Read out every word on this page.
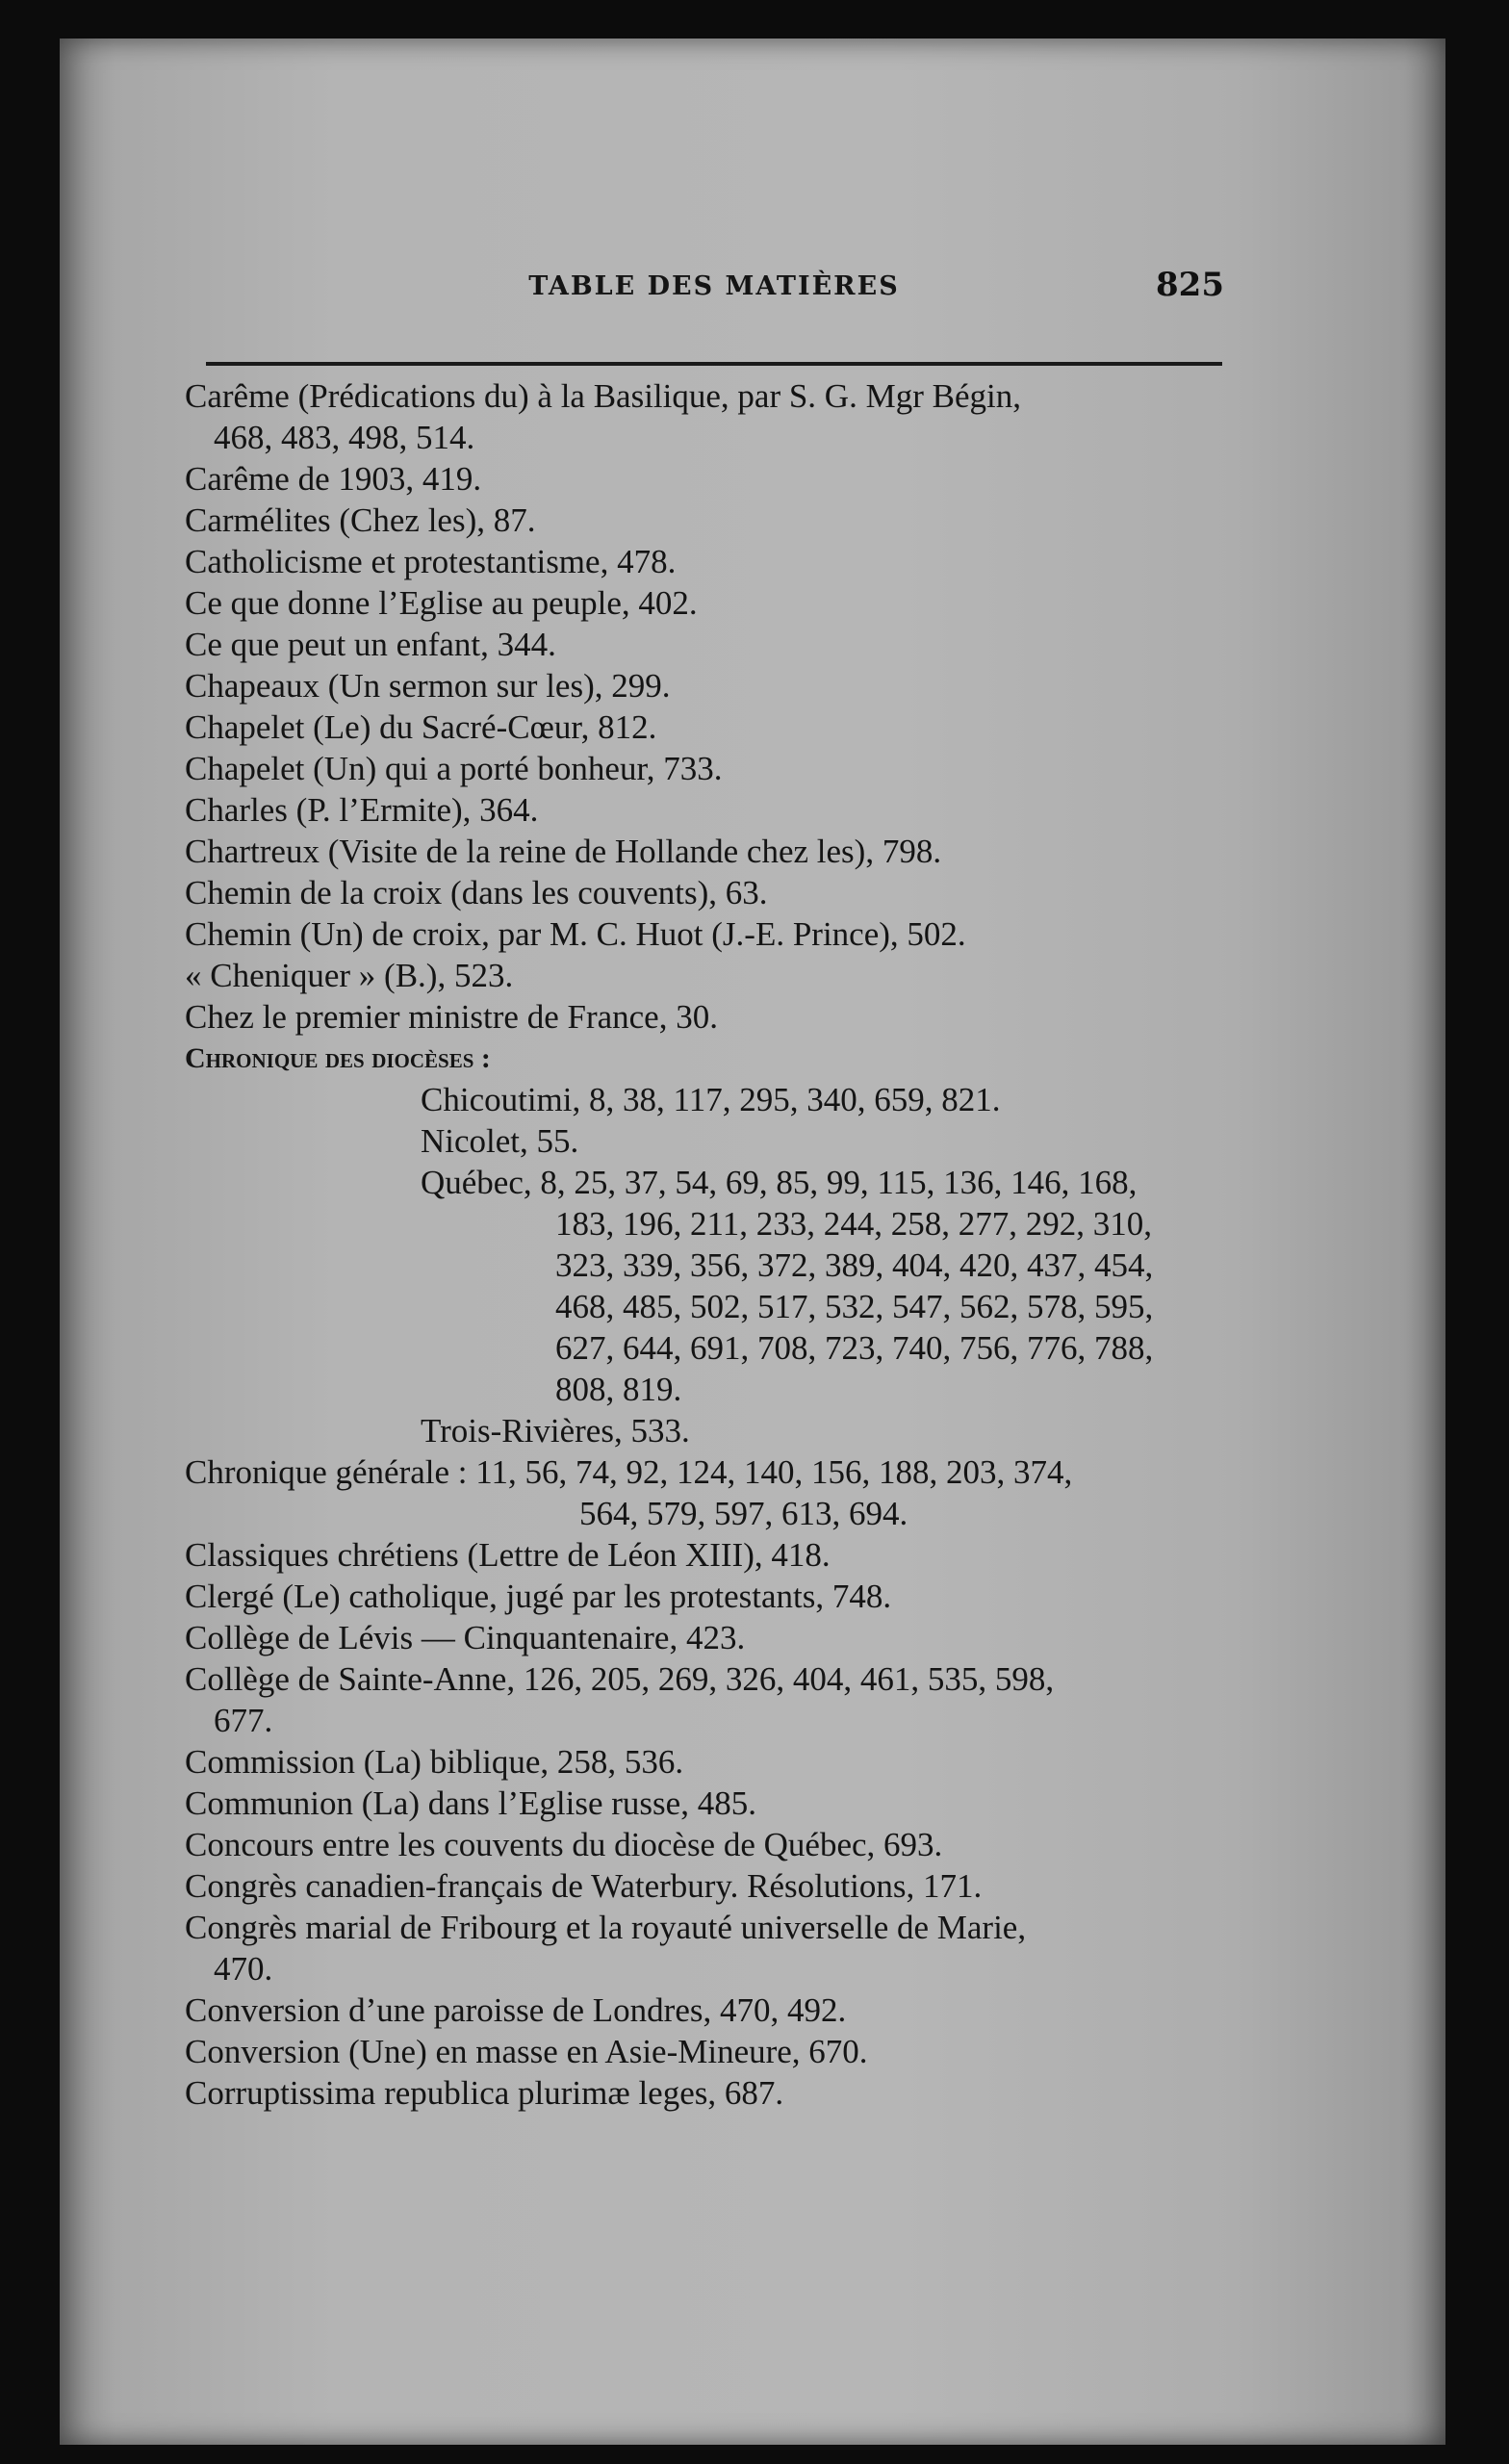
TABLE DES MATIÈRES	825
Carême (Prédications du) à la Basilique, par S. G. Mgr Bégin,
468, 483, 498, 514.
Carême de 1903, 419.
Carmélites (Chez les), 87.
Catholicisme et protestantisme, 478.
Ce que donne l’Eglise au peuple, 402.
Ce que peut un enfant, 344.
Chapeaux (Un sermon sur les), 299.
Chapelet (Le) du Sacré-Cœur, 812.
Chapelet (Un) qui a porté bonheur, 733.
Charles (P. l’Ermite), 364.
Chartreux (Visite de la reine de Hollande chez les), 798.
Chemin de la croix (dans les couvents), 63.
Chemin (Un) de croix, par M. C. Huot (J.-E. Prince), 502.
« Cheniquer » (B.), 523.
Chez le premier ministre de France, 30.
Chronique des diocèses :
Chicoutimi, 8, 38, 117, 295, 340, 659, 821.
Nicolet, 55.
Québec, 8, 25, 37, 54, 69, 85, 99, 115, 136, 146, 168,
183, 196, 211, 233, 244, 258, 277, 292, 310,
323, 339, 356, 372, 389, 404, 420, 437, 454,
468, 485, 502, 517, 532, 547, 562, 578, 595,
627, 644, 691, 708, 723, 740, 756, 776, 788,
808, 819.
Trois-Rivières, 533.
Chronique générale : 11, 56, 74, 92, 124, 140, 156, 188, 203, 374,
564, 579, 597, 613, 694.
Classiques chrétiens (Lettre de Léon XIII), 418.
Clergé (Le) catholique, jugé par les protestants, 748.
Collège de Lévis — Cinquantenaire, 423.
Collège de Sainte-Anne, 126, 205, 269, 326, 404, 461, 535, 598,
677.
Commission (La) biblique, 258, 536.
Communion (La) dans l’Eglise russe, 485.
Concours entre les couvents du diocèse de Québec, 693.
Congrès canadien-français de Waterbury. Résolutions, 171.
Congrès marial de Fribourg et la royauté universelle de Marie,
470.
Conversion d’une paroisse de Londres, 470, 492.
Conversion (Une) en masse en Asie-Mineure, 670.
Corruptissima republica plurimæ leges, 687.
